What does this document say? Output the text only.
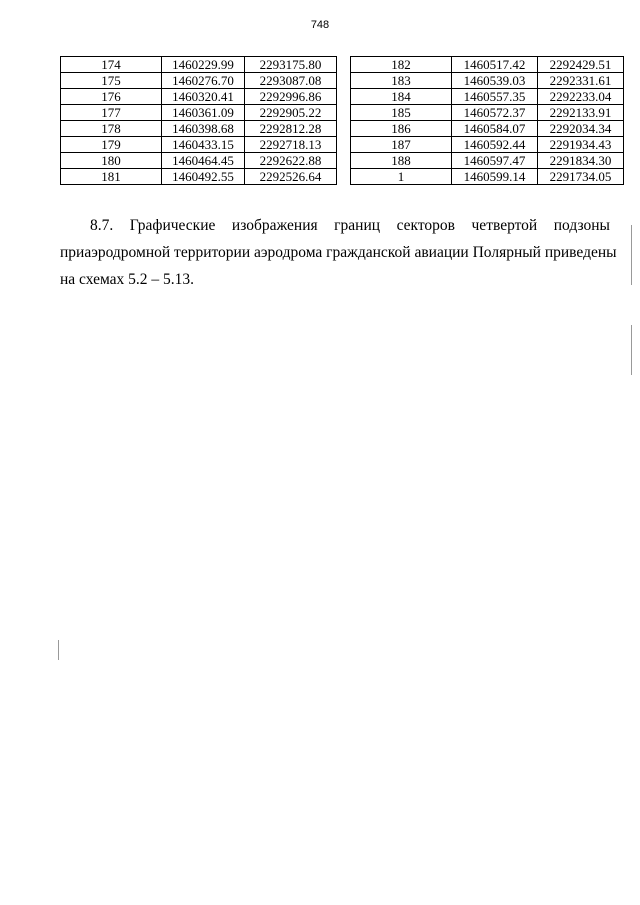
748
174	1460229.99	2293175.80
175	1460276.70	2293087.08
176	1460320.41	2292996.86
177	1460361.09	2292905.22
178	1460398.68	2292812.28
179	1460433.15	2292718.13
180	1460464.45	2292622.88
181	1460492.55	2292526.64
182	1460517.42	2292429.51
183	1460539.03	2292331.61
184	1460557.35	2292233.04
185	1460572.37	2292133.91
186	1460584.07	2292034.34
187	1460592.44	2291934.43
188	1460597.47	2291834.30
1	1460599.14	2291734.05
8.7. Графические изображения границ секторов четвертой подзоны
приаэродромной территории аэродрома гражданской авиации Полярный приведены
на схемах 5.2 – 5.13.
